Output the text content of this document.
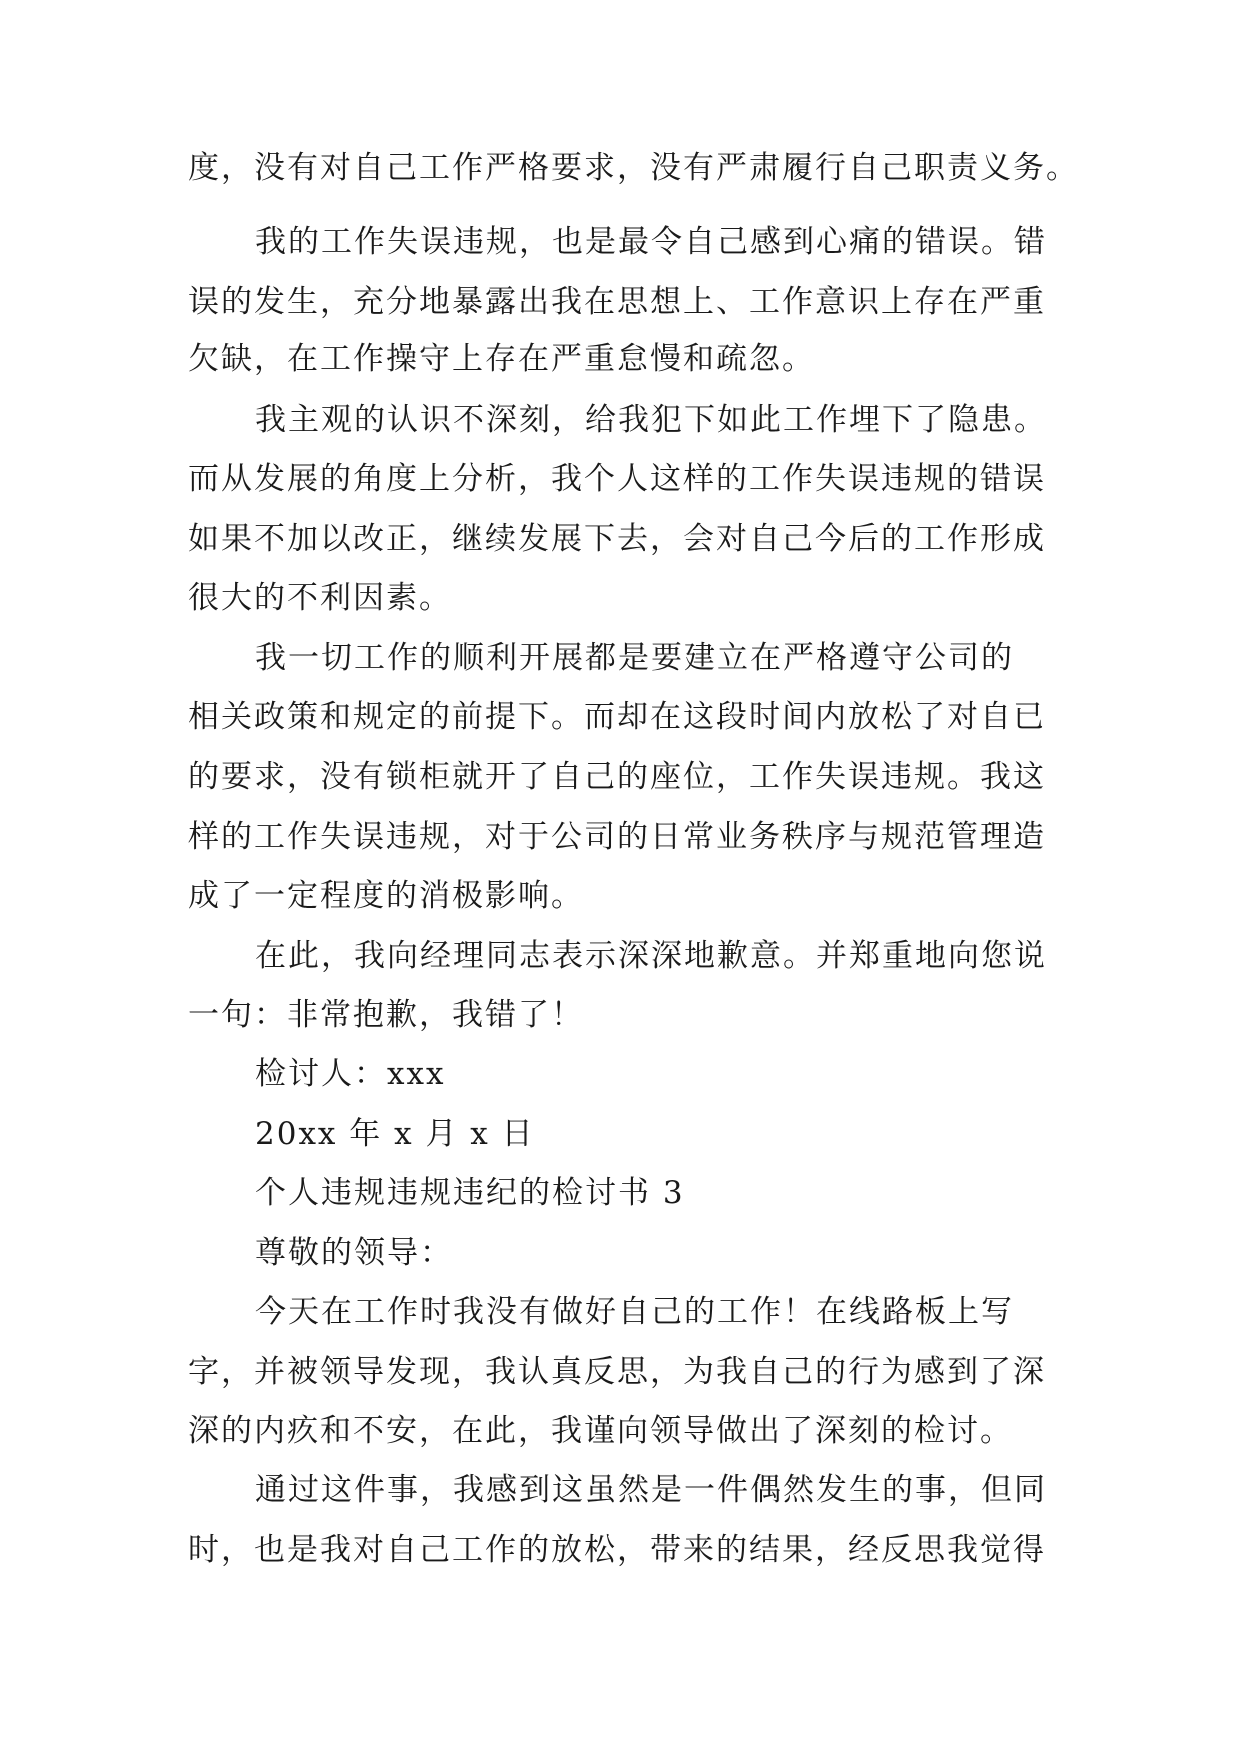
度，没有对自己工作严格要求，没有严肃履行自己职责义务。

我的工作失误违规，也是最令自己感到心痛的错误。错

误的发生，充分地暴露出我在思想上、工作意识上存在严重

欠缺，在工作操守上存在严重怠慢和疏忽。

我主观的认识不深刻，给我犯下如此工作埋下了隐患。

而从发展的角度上分析，我个人这样的工作失误违规的错误

如果不加以改正，继续发展下去，会对自己今后的工作形成

很大的不利因素。

我一切工作的顺利开展都是要建立在严格遵守公司的

相关政策和规定的前提下。而却在这段时间内放松了对自已

的要求，没有锁柜就开了自己的座位，工作失误违规。我这

样的工作失误违规，对于公司的日常业务秩序与规范管理造

成了一定程度的消极影响。

在此，我向经理同志表示深深地歉意。并郑重地向您说

一句：非常抱歉，我错了！

检讨人：xxx

20xx 年 x 月 x 日

个人违规违规违纪的检讨书 3

尊敬的领导：

今天在工作时我没有做好自己的工作！在线路板上写

字，并被领导发现，我认真反思，为我自己的行为感到了深

深的内疚和不安，在此，我谨向领导做出了深刻的检讨。

通过这件事，我感到这虽然是一件偶然发生的事，但同

时，也是我对自己工作的放松，带来的结果，经反思我觉得
